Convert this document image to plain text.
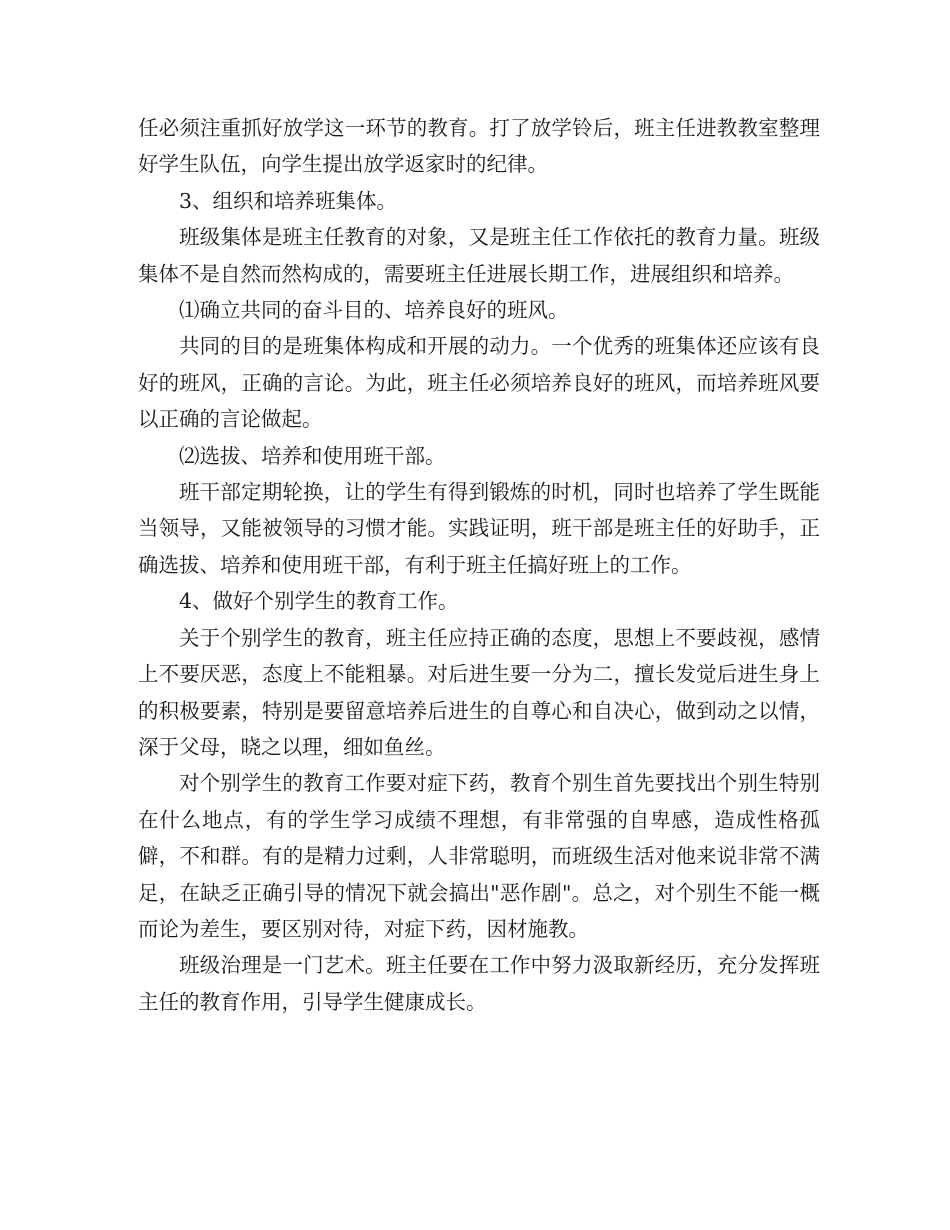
任必须注重抓好放学这一环节的教育。打了放学铃后，班主任进教教室整理好学生队伍，向学生提出放学返家时的纪律。

3、组织和培养班集体。

班级集体是班主任教育的对象，又是班主任工作依托的教育力量。班级集体不是自然而然构成的，需要班主任进展长期工作，进展组织和培养。

⑴确立共同的奋斗目的、培养良好的班风。

共同的目的是班集体构成和开展的动力。一个优秀的班集体还应该有良好的班风，正确的言论。为此，班主任必须培养良好的班风，而培养班风要以正确的言论做起。

⑵选拔、培养和使用班干部。

班干部定期轮换，让的学生有得到锻炼的时机，同时也培养了学生既能当领导，又能被领导的习惯才能。实践证明，班干部是班主任的好助手，正确选拔、培养和使用班干部，有利于班主任搞好班上的工作。

4、做好个别学生的教育工作。

关于个别学生的教育，班主任应持正确的态度，思想上不要歧视，感情上不要厌恶，态度上不能粗暴。对后进生要一分为二，擅长发觉后进生身上的积极要素，特别是要留意培养后进生的自尊心和自决心，做到动之以情，深于父母，晓之以理，细如鱼丝。

对个别学生的教育工作要对症下药，教育个别生首先要找出个别生特别在什么地点，有的学生学习成绩不理想，有非常强的自卑感，造成性格孤僻，不和群。有的是精力过剩，人非常聪明，而班级生活对他来说非常不满足，在缺乏正确引导的情况下就会搞出"恶作剧"。总之，对个别生不能一概而论为差生，要区别对待，对症下药，因材施教。

班级治理是一门艺术。班主任要在工作中努力汲取新经历，充分发挥班主任的教育作用，引导学生健康成长。
